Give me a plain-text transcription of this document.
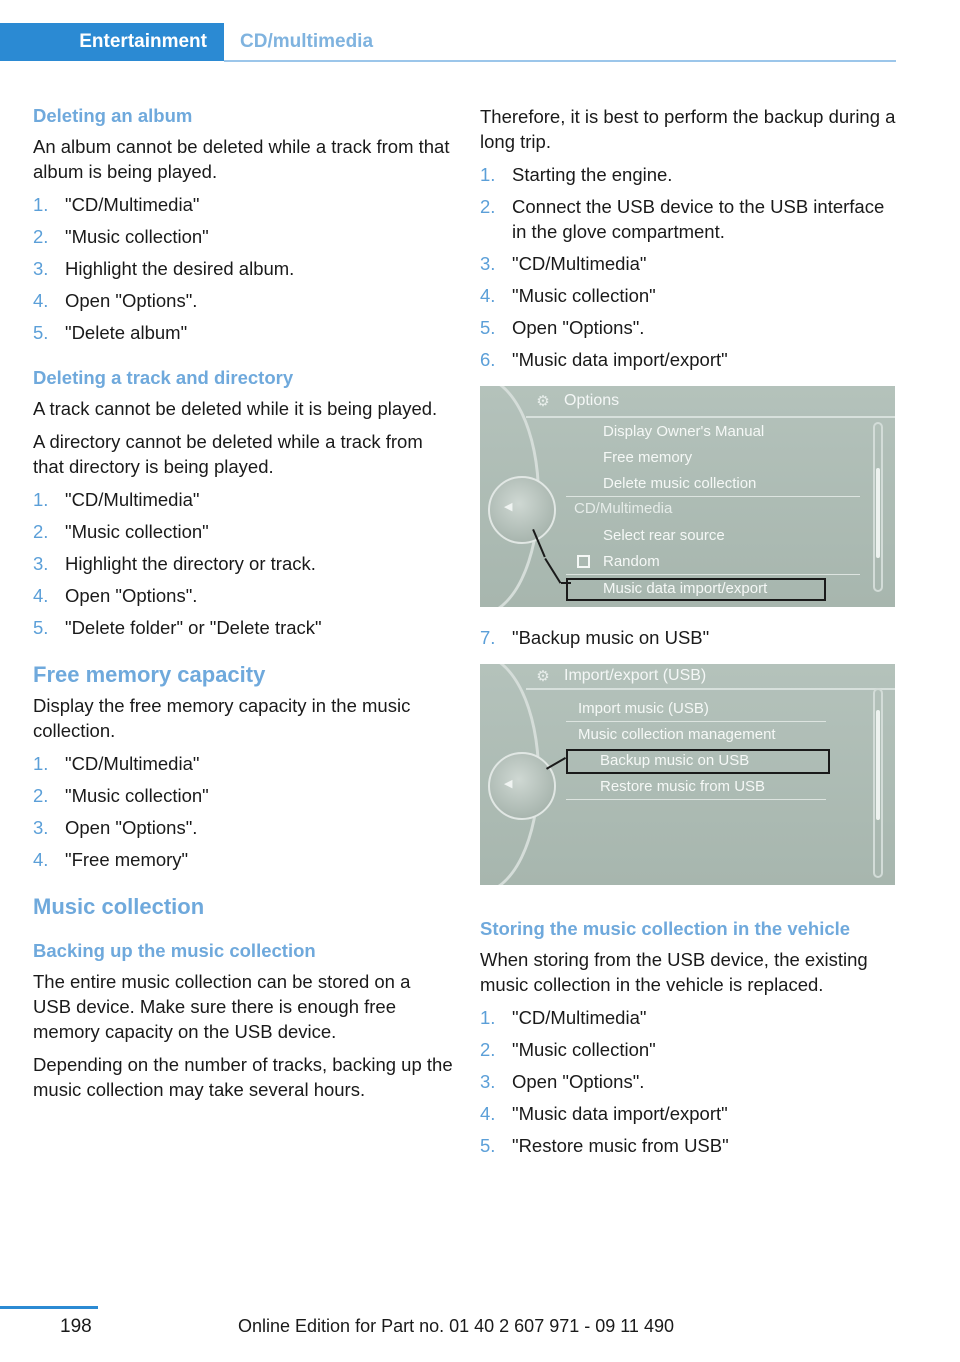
Entertainment	CD/multimedia
Deleting an album
An album cannot be deleted while a track from that album is being played.
1. "CD/Multimedia"
2. "Music collection"
3. Highlight the desired album.
4. Open "Options".
5. "Delete album"
Deleting a track and directory
A track cannot be deleted while it is being played.
A directory cannot be deleted while a track from that directory is being played.
1. "CD/Multimedia"
2. "Music collection"
3. Highlight the directory or track.
4. Open "Options".
5. "Delete folder" or "Delete track"
Free memory capacity
Display the free memory capacity in the music collection.
1. "CD/Multimedia"
2. "Music collection"
3. Open "Options".
4. "Free memory"
Music collection
Backing up the music collection
The entire music collection can be stored on a USB device. Make sure there is enough free memory capacity on the USB device.
Depending on the number of tracks, backing up the music collection may take several hours.
Therefore, it is best to perform the backup during a long trip.
1. Starting the engine.
2. Connect the USB device to the USB interface in the glove compartment.
3. "CD/Multimedia"
4. "Music collection"
5. Open "Options".
6. "Music data import/export"
⚙ Options
Display Owner's Manual
Free memory
Delete music collection
CD/Multimedia
Select rear source
Random
Music data import/export
◀
7. "Backup music on USB"
⚙ Import/export (USB)
Import music (USB)
Music collection management
Backup music on USB
Restore music from USB
◀
Storing the music collection in the vehicle
When storing from the USB device, the existing music collection in the vehicle is replaced.
1. "CD/Multimedia"
2. "Music collection"
3. Open "Options".
4. "Music data import/export"
5. "Restore music from USB"
198	Online Edition for Part no. 01 40 2 607 971 - 09 11 490
